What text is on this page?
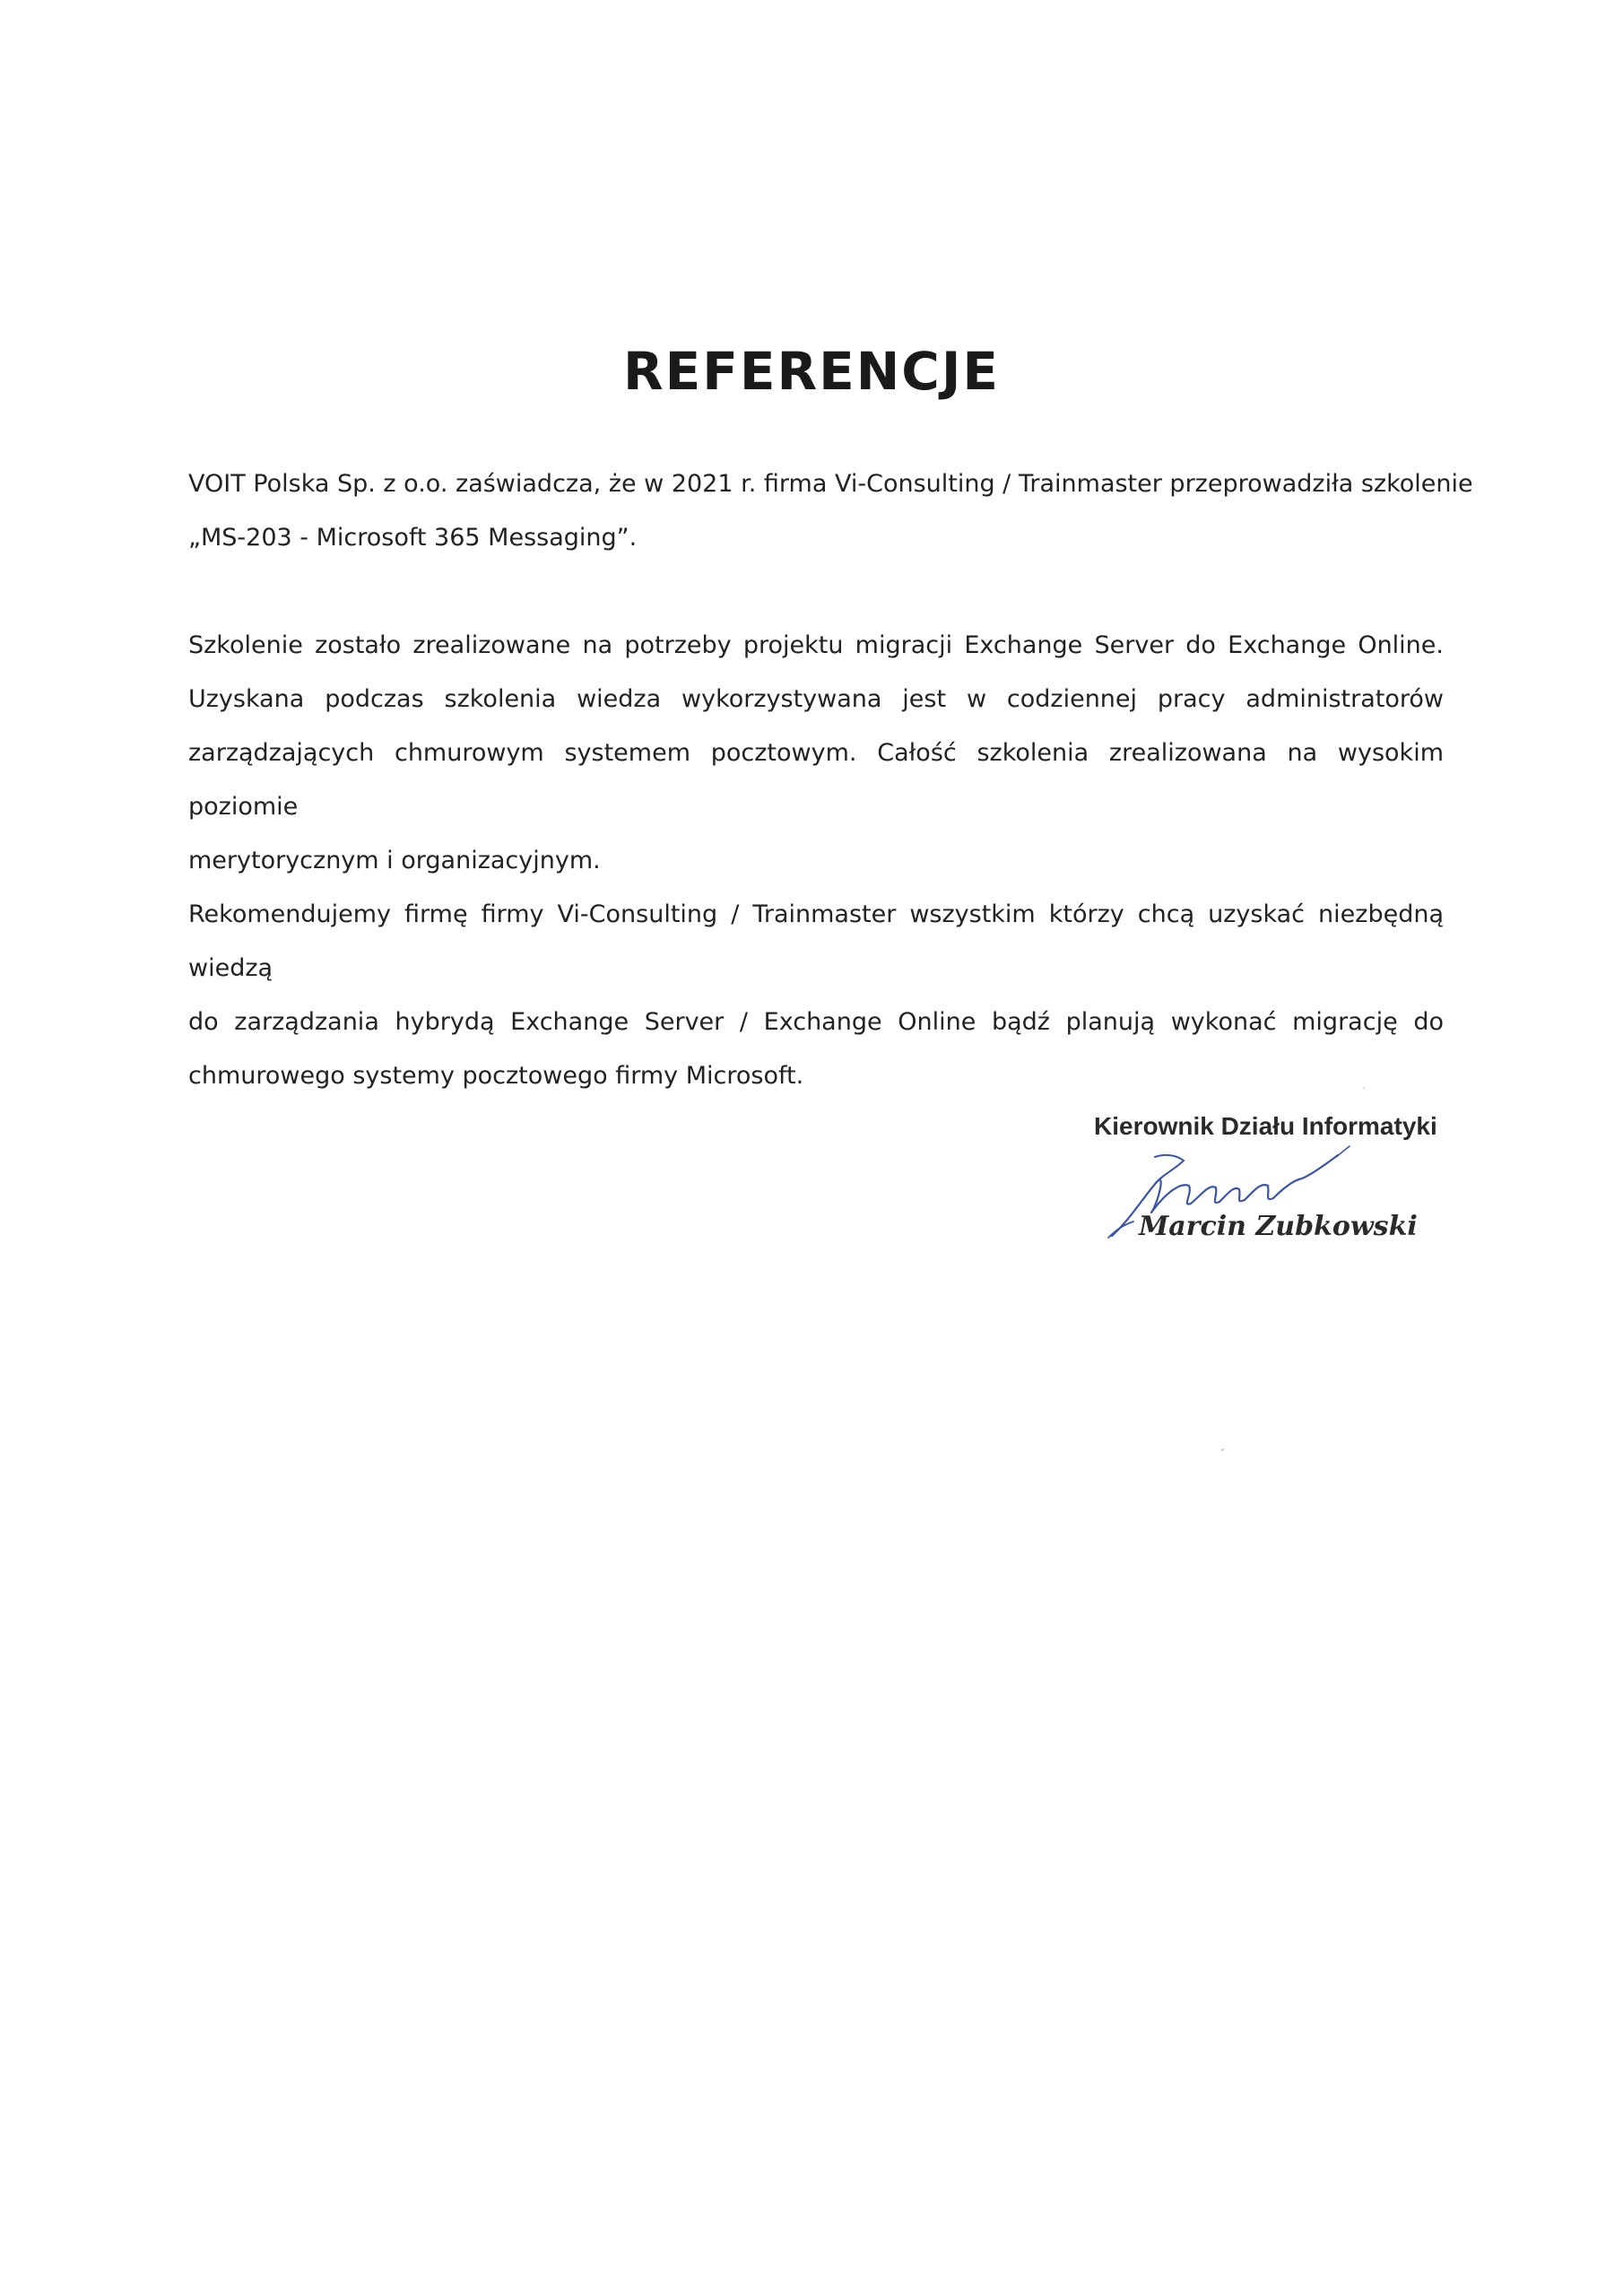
REFERENCJE
VOIT Polska Sp. z o.o. zaświadcza, że w 2021 r. firma Vi-Consulting / Trainmaster przeprowadziła szkolenie
„MS-203 - Microsoft 365 Messaging”.
Szkolenie zostało zrealizowane na potrzeby projektu migracji Exchange Server do Exchange Online.
Uzyskana podczas szkolenia wiedza wykorzystywana jest w codziennej pracy administratorów
zarządzających chmurowym systemem pocztowym. Całość szkolenia zrealizowana na wysokim poziomie
merytorycznym i organizacyjnym.
Rekomendujemy firmę firmy Vi-Consulting / Trainmaster wszystkim którzy chcą uzyskać niezbędną wiedzą
do zarządzania hybrydą Exchange Server / Exchange Online bądź planują wykonać migrację do
chmurowego systemy pocztowego firmy Microsoft.
Kierownik Działu Informatyki
Marcin Zubkowski
